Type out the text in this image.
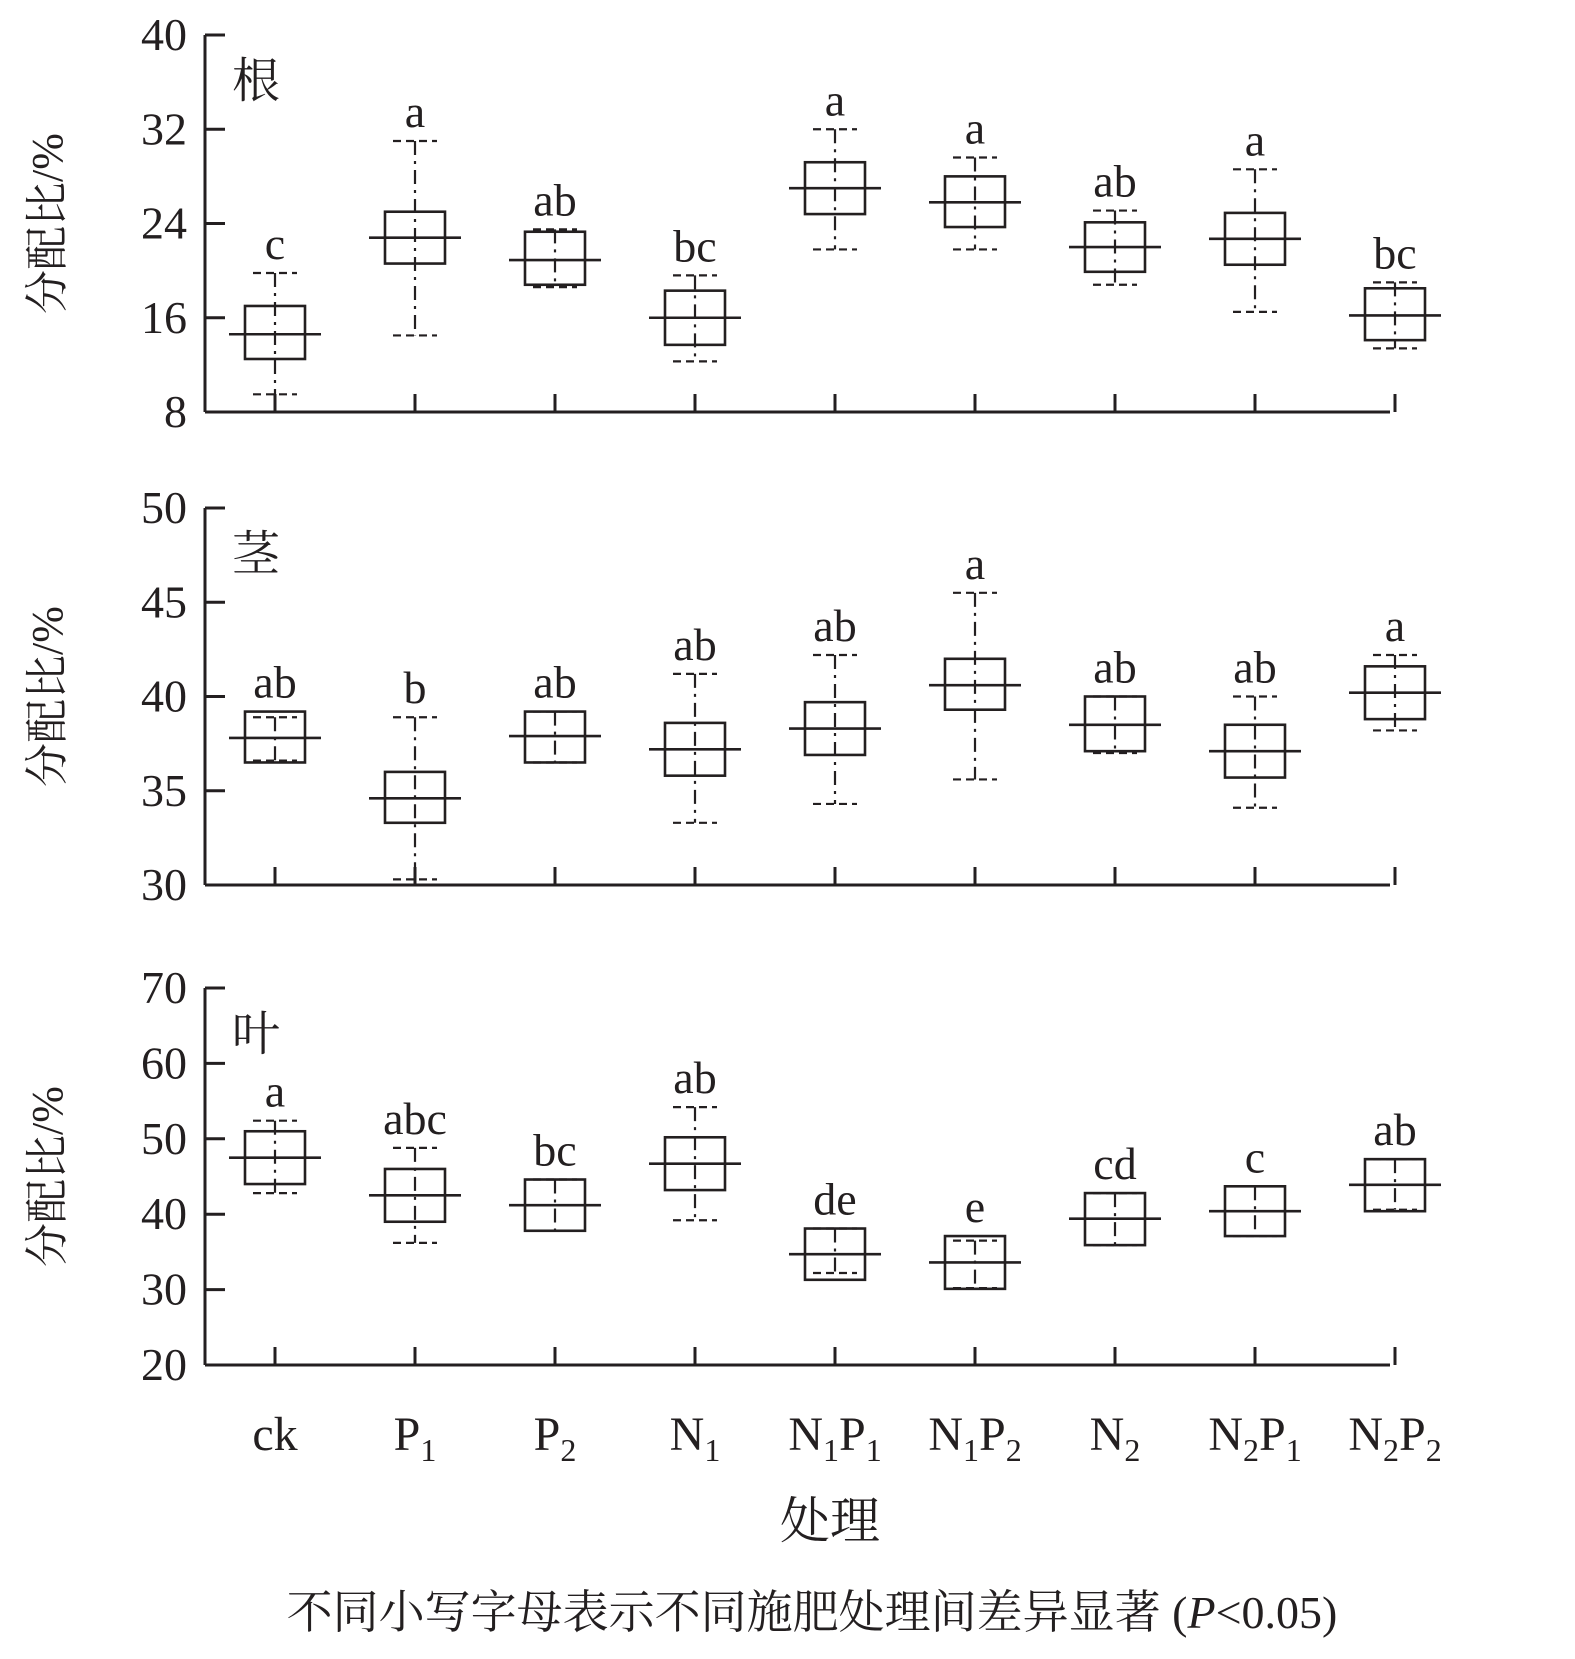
8
16
24
32
40
分配比/%
根
c
a
ab
bc
a
a
ab
a
bc
30
35
40
45
50
分配比/%
茎
ab b ab
ab ab
a
ab ab
a
20
30
40
50
60
70
分配比/%
叶
a
abc
bc
ab
de e
cd c
ab
ck P1 P2 N1 N1P1 N1P2 N2 N2P1 N2P2
处理
不同小写字母表示不同施肥处理间差异显著 (P<0.05)
